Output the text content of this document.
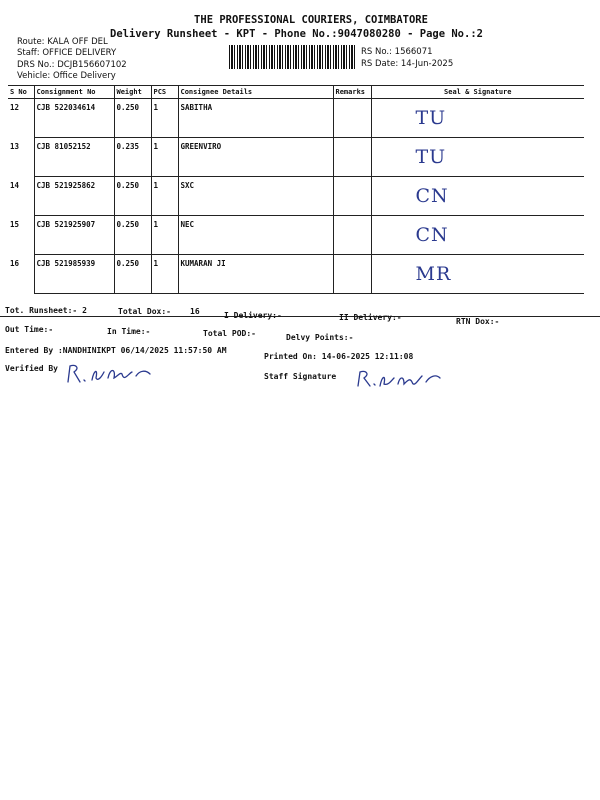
THE PROFESSIONAL COURIERS, COIMBATORE
Delivery Runsheet - KPT - Phone No.:9047080280 - Page No.:2
Route: KALA OFF DEL
Staff: OFFICE DELIVERY
DRS No.: DCJB156607102
Vehicle: Office Delivery
RS No.: 1566071
RS Date: 14-Jun-2025
S No	Consignment No	Weight	PCS	Consignee Details	Remarks	Seal & Signature
12	CJB 522034614	0.250	1	SABITHA		TU

13	CJB 81052152	0.235	1	GREENVIRO		TU

14	CJB 521925862	0.250	1	SXC		CN

15	CJB 521925907	0.250	1	NEC		CN

16	CJB 521985939	0.250	1	KUMARAN JI		MR
Tot. Runsheet:- 2	Total Dox:- 16	I Delivery:-	II Delivery:-	RTN Dox:-
Out Time:-	In Time:-	Total POD:-	Delvy Points:-
Entered By :NANDHINIKPT 06/14/2025 11:57:50 AM
Printed On: 14-06-2025 12:11:08
Verified By
Staff Signature
